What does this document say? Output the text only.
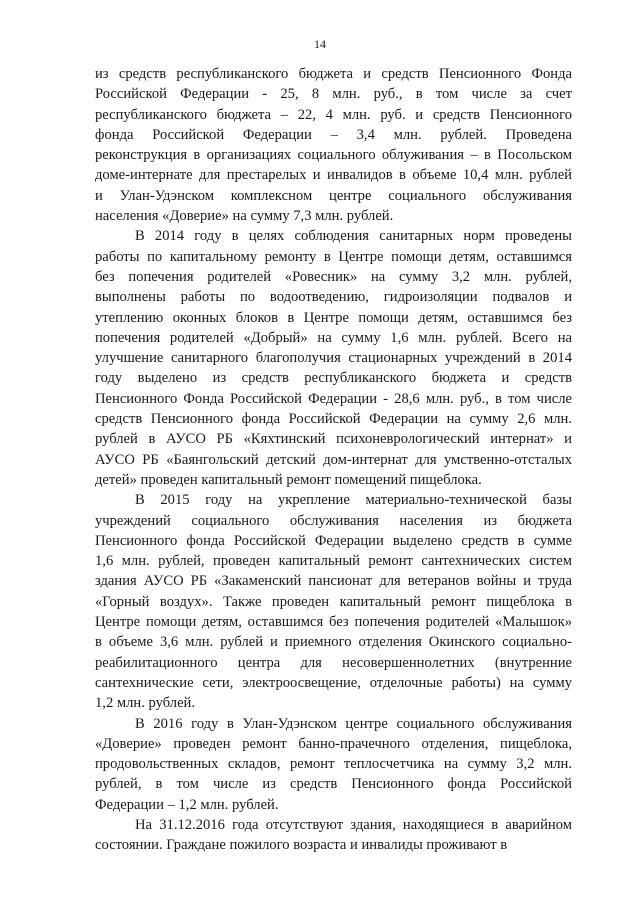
14
из средств республиканского бюджета и средств Пенсионного Фонда
Российской Федерации - 25, 8 млн. руб., в том числе за счет
республиканского бюджета – 22, 4 млн. руб. и средств Пенсионного
фонда Российской Федерации – 3,4 млн. рублей. Проведена
реконструкция в организациях социального облуживания – в Посольском
доме-интернате для престарелых и инвалидов в объеме 10,4 млн. рублей
и Улан-Удэнском комплексном центре социального обслуживания
населения «Доверие» на сумму 7,3 млн. рублей.
В 2014 году в целях соблюдения санитарных норм проведены
работы по капитальному ремонту в Центре помощи детям, оставшимся
без попечения родителей «Ровесник» на сумму 3,2 млн. рублей,
выполнены работы по водоотведению, гидроизоляции подвалов и
утеплению оконных блоков в Центре помощи детям, оставшимся без
попечения родителей «Добрый» на сумму 1,6 млн. рублей. Всего на
улучшение санитарного благополучия стационарных учреждений в 2014
году выделено из средств республиканского бюджета и средств
Пенсионного Фонда Российской Федерации - 28,6 млн. руб., в том числе
средств Пенсионного фонда Российской Федерации на сумму 2,6 млн.
рублей в АУСО РБ «Кяхтинский психоневрологический интернат» и
АУСО РБ «Баянгольский детский дом-интернат для умственно-отсталых
детей» проведен капитальный ремонт помещений пищеблока.
В 2015 году на укрепление материально-технической базы
учреждений социального обслуживания населения из бюджета
Пенсионного фонда Российской Федерации выделено средств в сумме
1,6 млн. рублей, проведен капитальный ремонт сантехнических систем
здания АУСО РБ «Закаменский пансионат для ветеранов войны и труда
«Горный воздух». Также проведен капитальный ремонт пищеблока в
Центре помощи детям, оставшимся без попечения родителей «Малышок»
в объеме 3,6 млн. рублей и приемного отделения Окинского социально-
реабилитационного центра для несовершеннолетних (внутренние
сантехнические сети, электроосвещение, отделочные работы) на сумму
1,2 млн. рублей.
В 2016 году в Улан-Удэнском центре социального обслуживания
«Доверие» проведен ремонт банно-прачечного отделения, пищеблока,
продовольственных складов, ремонт теплосчетчика на сумму 3,2 млн.
рублей, в том числе из средств Пенсионного фонда Российской
Федерации – 1,2 млн. рублей.
На 31.12.2016 года отсутствуют здания, находящиеся в аварийном
состоянии. Граждане пожилого возраста и инвалиды проживают в
